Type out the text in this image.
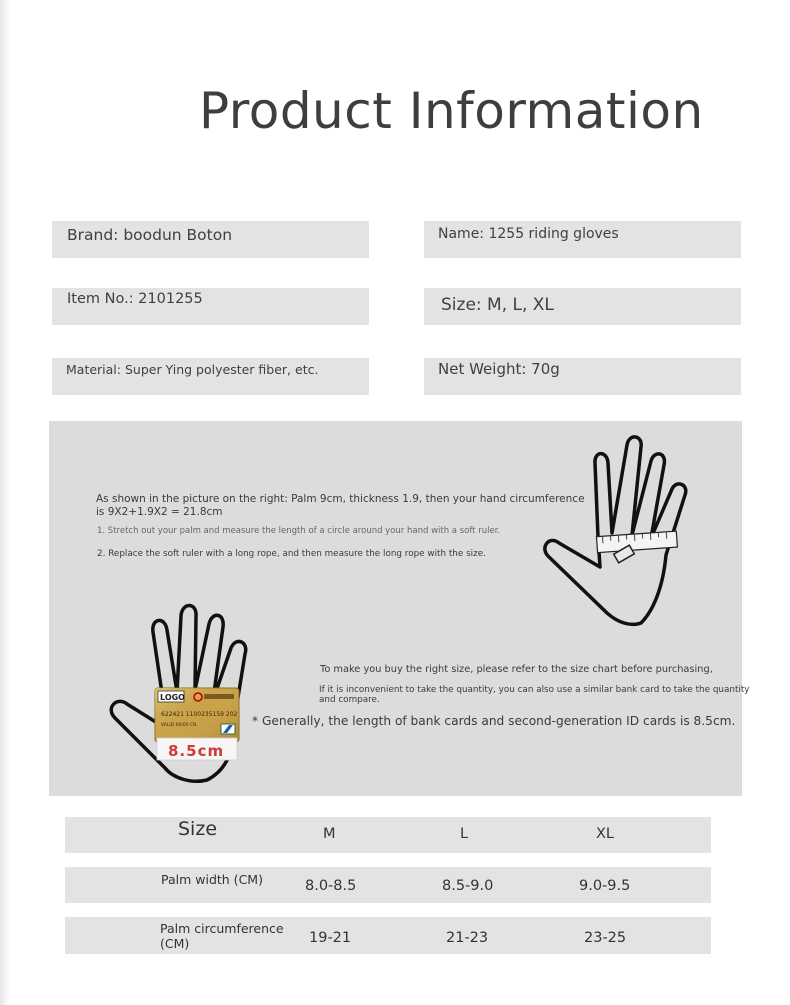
Product Information
Brand: boodun Boton	Name: 1255 riding gloves
Item No.: 2101255	Size: M, L, XL
Material: Super Ying polyester fiber, etc.	Net Weight: 70g
As shown in the picture on the right: Palm 9cm, thickness 1.9, then your hand circumference
is 9X2+1.9X2 = 21.8cm
1. Stretch out your palm and measure the length of a circle around your hand with a soft ruler.
2. Replace the soft ruler with a long rope, and then measure the long rope with the size.
To make you buy the right size, please refer to the size chart before purchasing,
If it is inconvenient to take the quantity, you can also use a similar bank card to take the quantity
and compare.
* Generally, the length of bank cards and second-generation ID cards is 8.5cm.
LOGO
622421 1100235159 202
VALID 00/00 CN
8.5cm
Size	M	L	XL
Palm width (CM)	8.0-8.5	8.5-9.0	9.0-9.5
Palm circumference
(CM)	19-21	21-23	23-25
